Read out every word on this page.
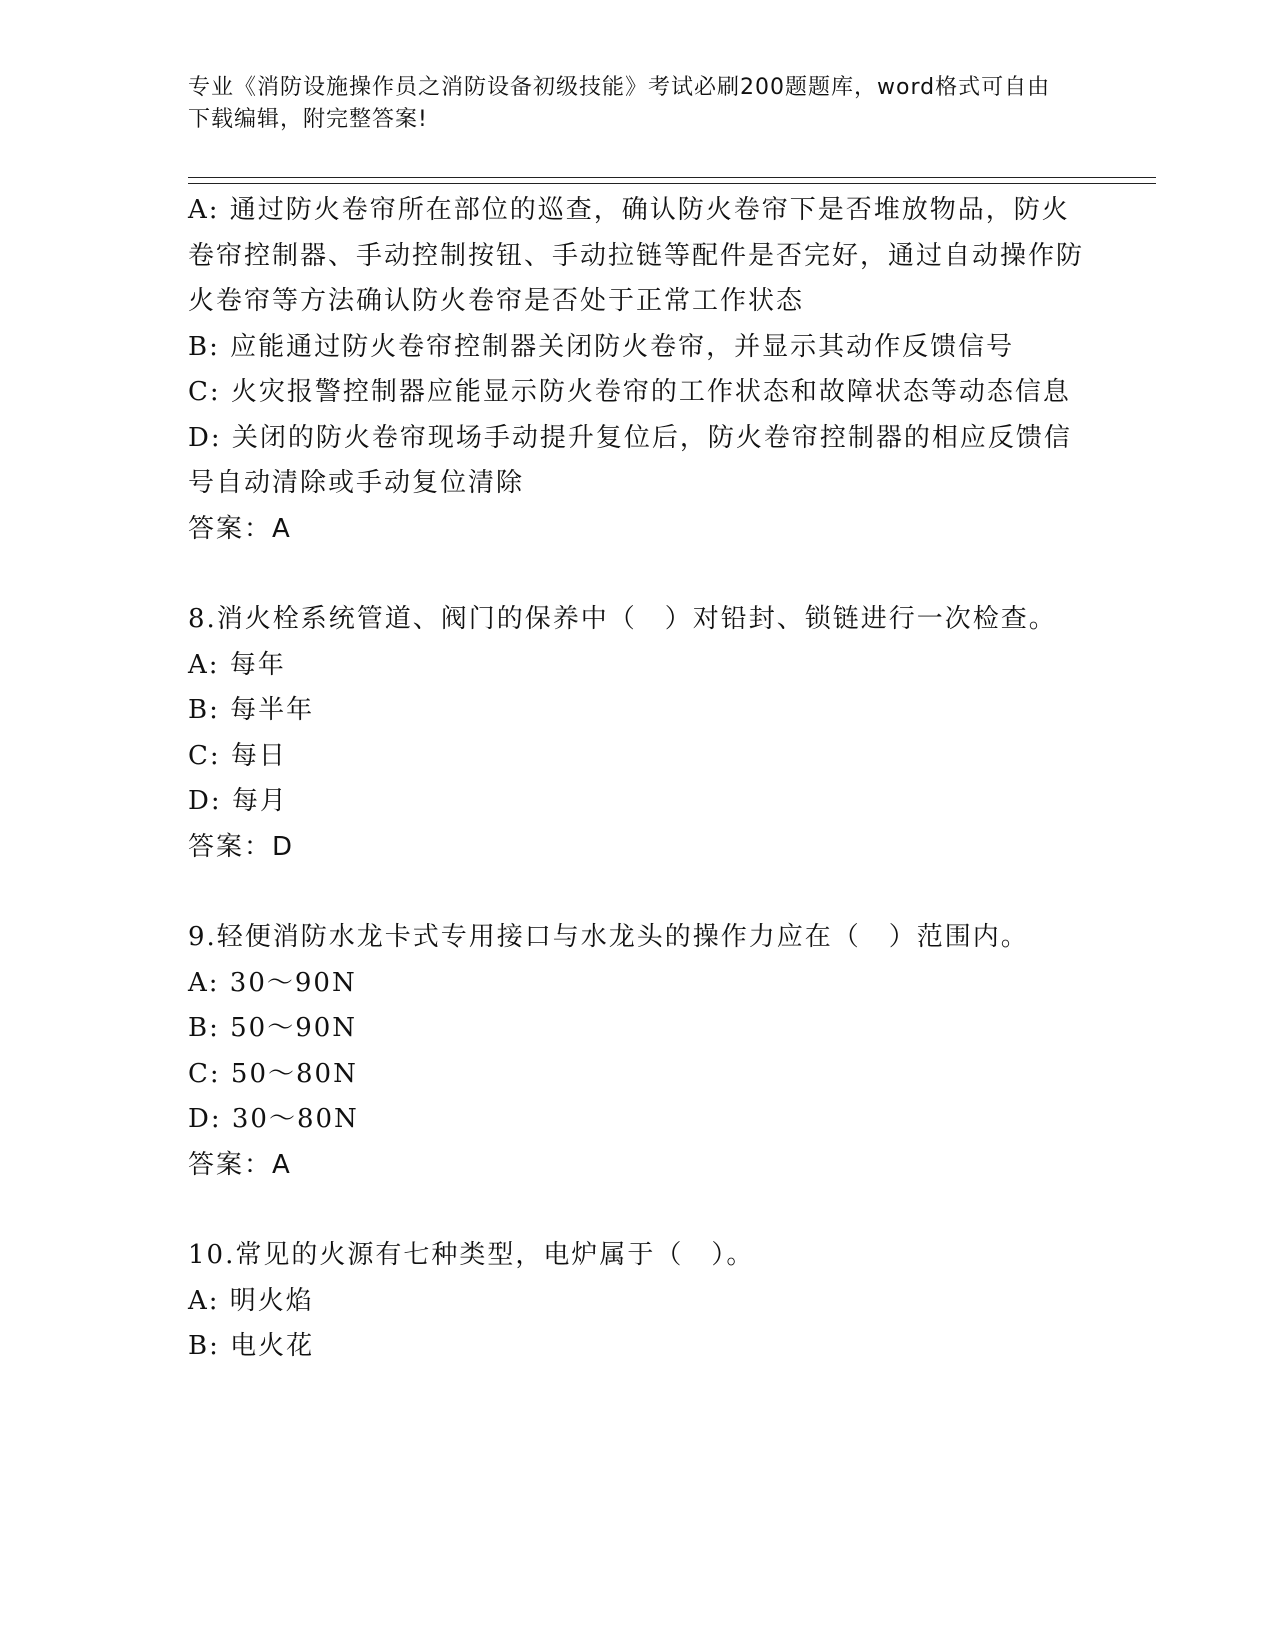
专业《消防设施操作员之消防设备初级技能》考试必刷200题题库，word格式可自由下载编辑，附完整答案!

A: 通过防火卷帘所在部位的巡查，确认防火卷帘下是否堆放物品，防火卷帘控制器、手动控制按钮、手动拉链等配件是否完好，通过自动操作防火卷帘等方法确认防火卷帘是否处于正常工作状态

B: 应能通过防火卷帘控制器关闭防火卷帘，并显示其动作反馈信号

C: 火灾报警控制器应能显示防火卷帘的工作状态和故障状态等动态信息

D: 关闭的防火卷帘现场手动提升复位后，防火卷帘控制器的相应反馈信号自动清除或手动复位清除

答案：A

8.消火栓系统管道、阀门的保养中（　）对铅封、锁链进行一次检查。

A: 每年

B: 每半年

C: 每日

D: 每月

答案：D

9.轻便消防水龙卡式专用接口与水龙头的操作力应在（　）范围内。

A: 30～90N

B: 50～90N

C: 50～80N

D: 30～80N

答案：A

10.常见的火源有七种类型，电炉属于（　）。

A: 明火焰

B: 电火花
